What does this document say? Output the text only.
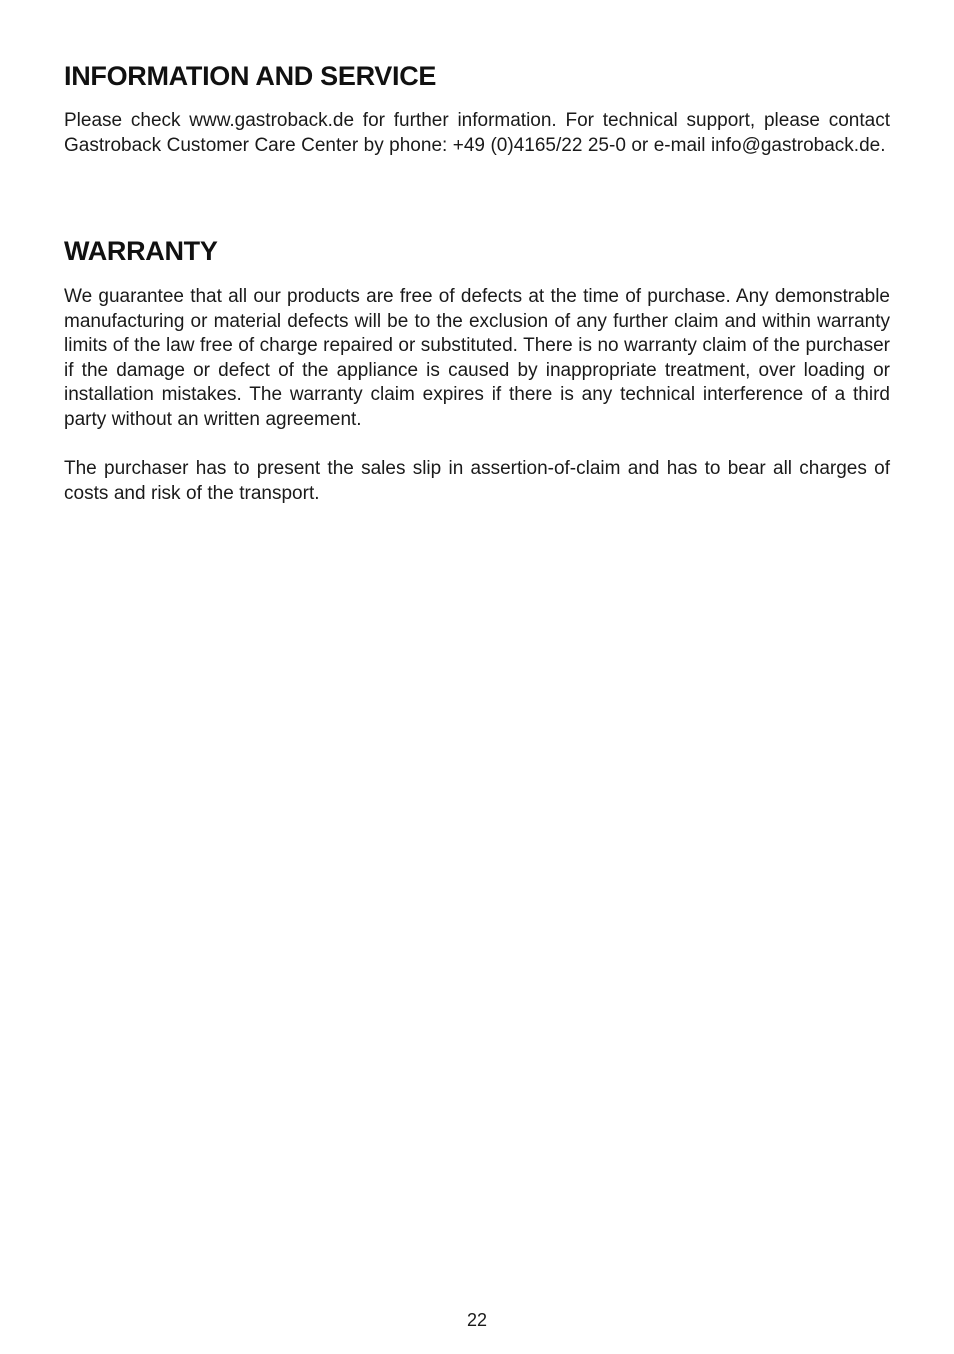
INFORMATION AND SERVICE

Please check www.gastroback.de for further information. For technical support, please contact Gastroback Customer Care Center by phone: +49 (0)4165/22 25-0 or e-mail info@gastroback.de.

WARRANTY

We guarantee that all our products are free of defects at the time of purchase. Any demonstrable manufacturing or material defects will be to the exclusion of any further claim and within warranty limits of the law free of charge repaired or substituted. There is no warranty claim of the purchaser if the damage or defect of the appliance is caused by inappropriate treatment, over loading or installation mistakes. The warranty claim expires if there is any technical interference of a third party without an written agreement.

The purchaser has to present the sales slip in assertion-of-claim and has to bear all charges of costs and risk of the transport.

22
